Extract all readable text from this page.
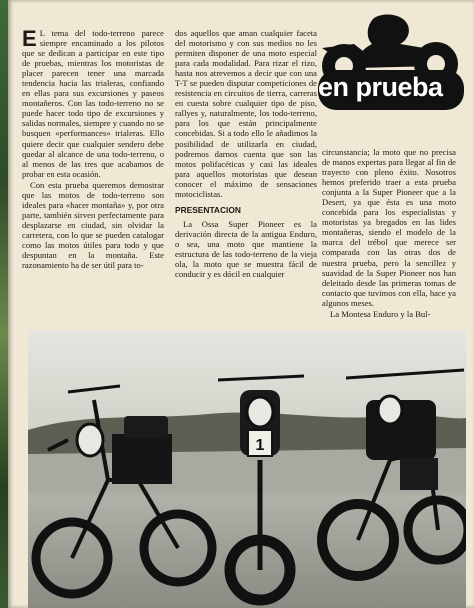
en prueba

E L tema del todo-terreno parece siempre encaminado a los pilotos que se dedican a participar en este tipo de pruebas, mientras los motoristas de placer parecen tener una marcada tendencia hacia las trialeras, confiando en ellas para sus excursiones y paseos montañeros. Con las todo-terreno no se puede hacer todo tipo de excursiones y salidas normales, siempre y cuando no se busquen «performances» trialeras. Ello quiere decir que cualquier sendero debe quedar al alcance de una todo-terreno, o al menos de las tres que acabamos de probar en esta ocasión.

Con esta prueba queremos demostrar que las motos de todo-terreno son ideales para «hacer montaña» y, por otra parte, también sirven perfectamente para desplazarse en ciudad, sin olvidar la carretera, con lo que se pueden catalogar como las motos útiles para todo y que despuntan en la montaña. Este razonamiento ha de ser útil para to-

dos aquellos que aman cualquier faceta del motorismo y con sus medios no les permiten disponer de una moto especial para cada modalidad. Para rizar el rizo, hasta nos atrevemos a decir que con una T-T se pueden disputar competiciones de resistencia en circuitos de tierra, carreras en cuesta sobre cualquier tipo de piso, rallyes y, naturalmente, los todo-terreno, para los que están principalmente concebidas. Si a todo ello le añadimos la posibilidad de utilizarla en ciudad, podremos darnos cuenta que son las motos polifacéticas y casi las ideales para aquellos motoristas que desean conocer el máximo de sensaciones motociclistas.

PRESENTACION

La Ossa Super Pioneer es la derivación directa de la antigua Enduro, o sea, una moto que mantiene la estructura de las todo-terreno de la vieja ola, la moto que se muestra fácil de conducir y es dócil en cualquier

circunstancia; la moto que no precisa de manos expertas para llegar al fin de trayecto con pleno éxito. Nosotros hemos preferido traer a esta prueba conjunta a la Super Pioneer que a la Desert, ya que ésta es una moto concebida para los especialistas y motoristas ya bregados en las lides montañeras, siendo el modelo de la marca del trébol que merece ser comparada con las otras dos de nuestra prueba, pero la sencillez y suavidad de la Super Pioneer nos han deleitado desde las primeras tomas de contacto que tuvimos con ella, hace ya algunos meses.

La Montesa Enduro y la Bul-

1
